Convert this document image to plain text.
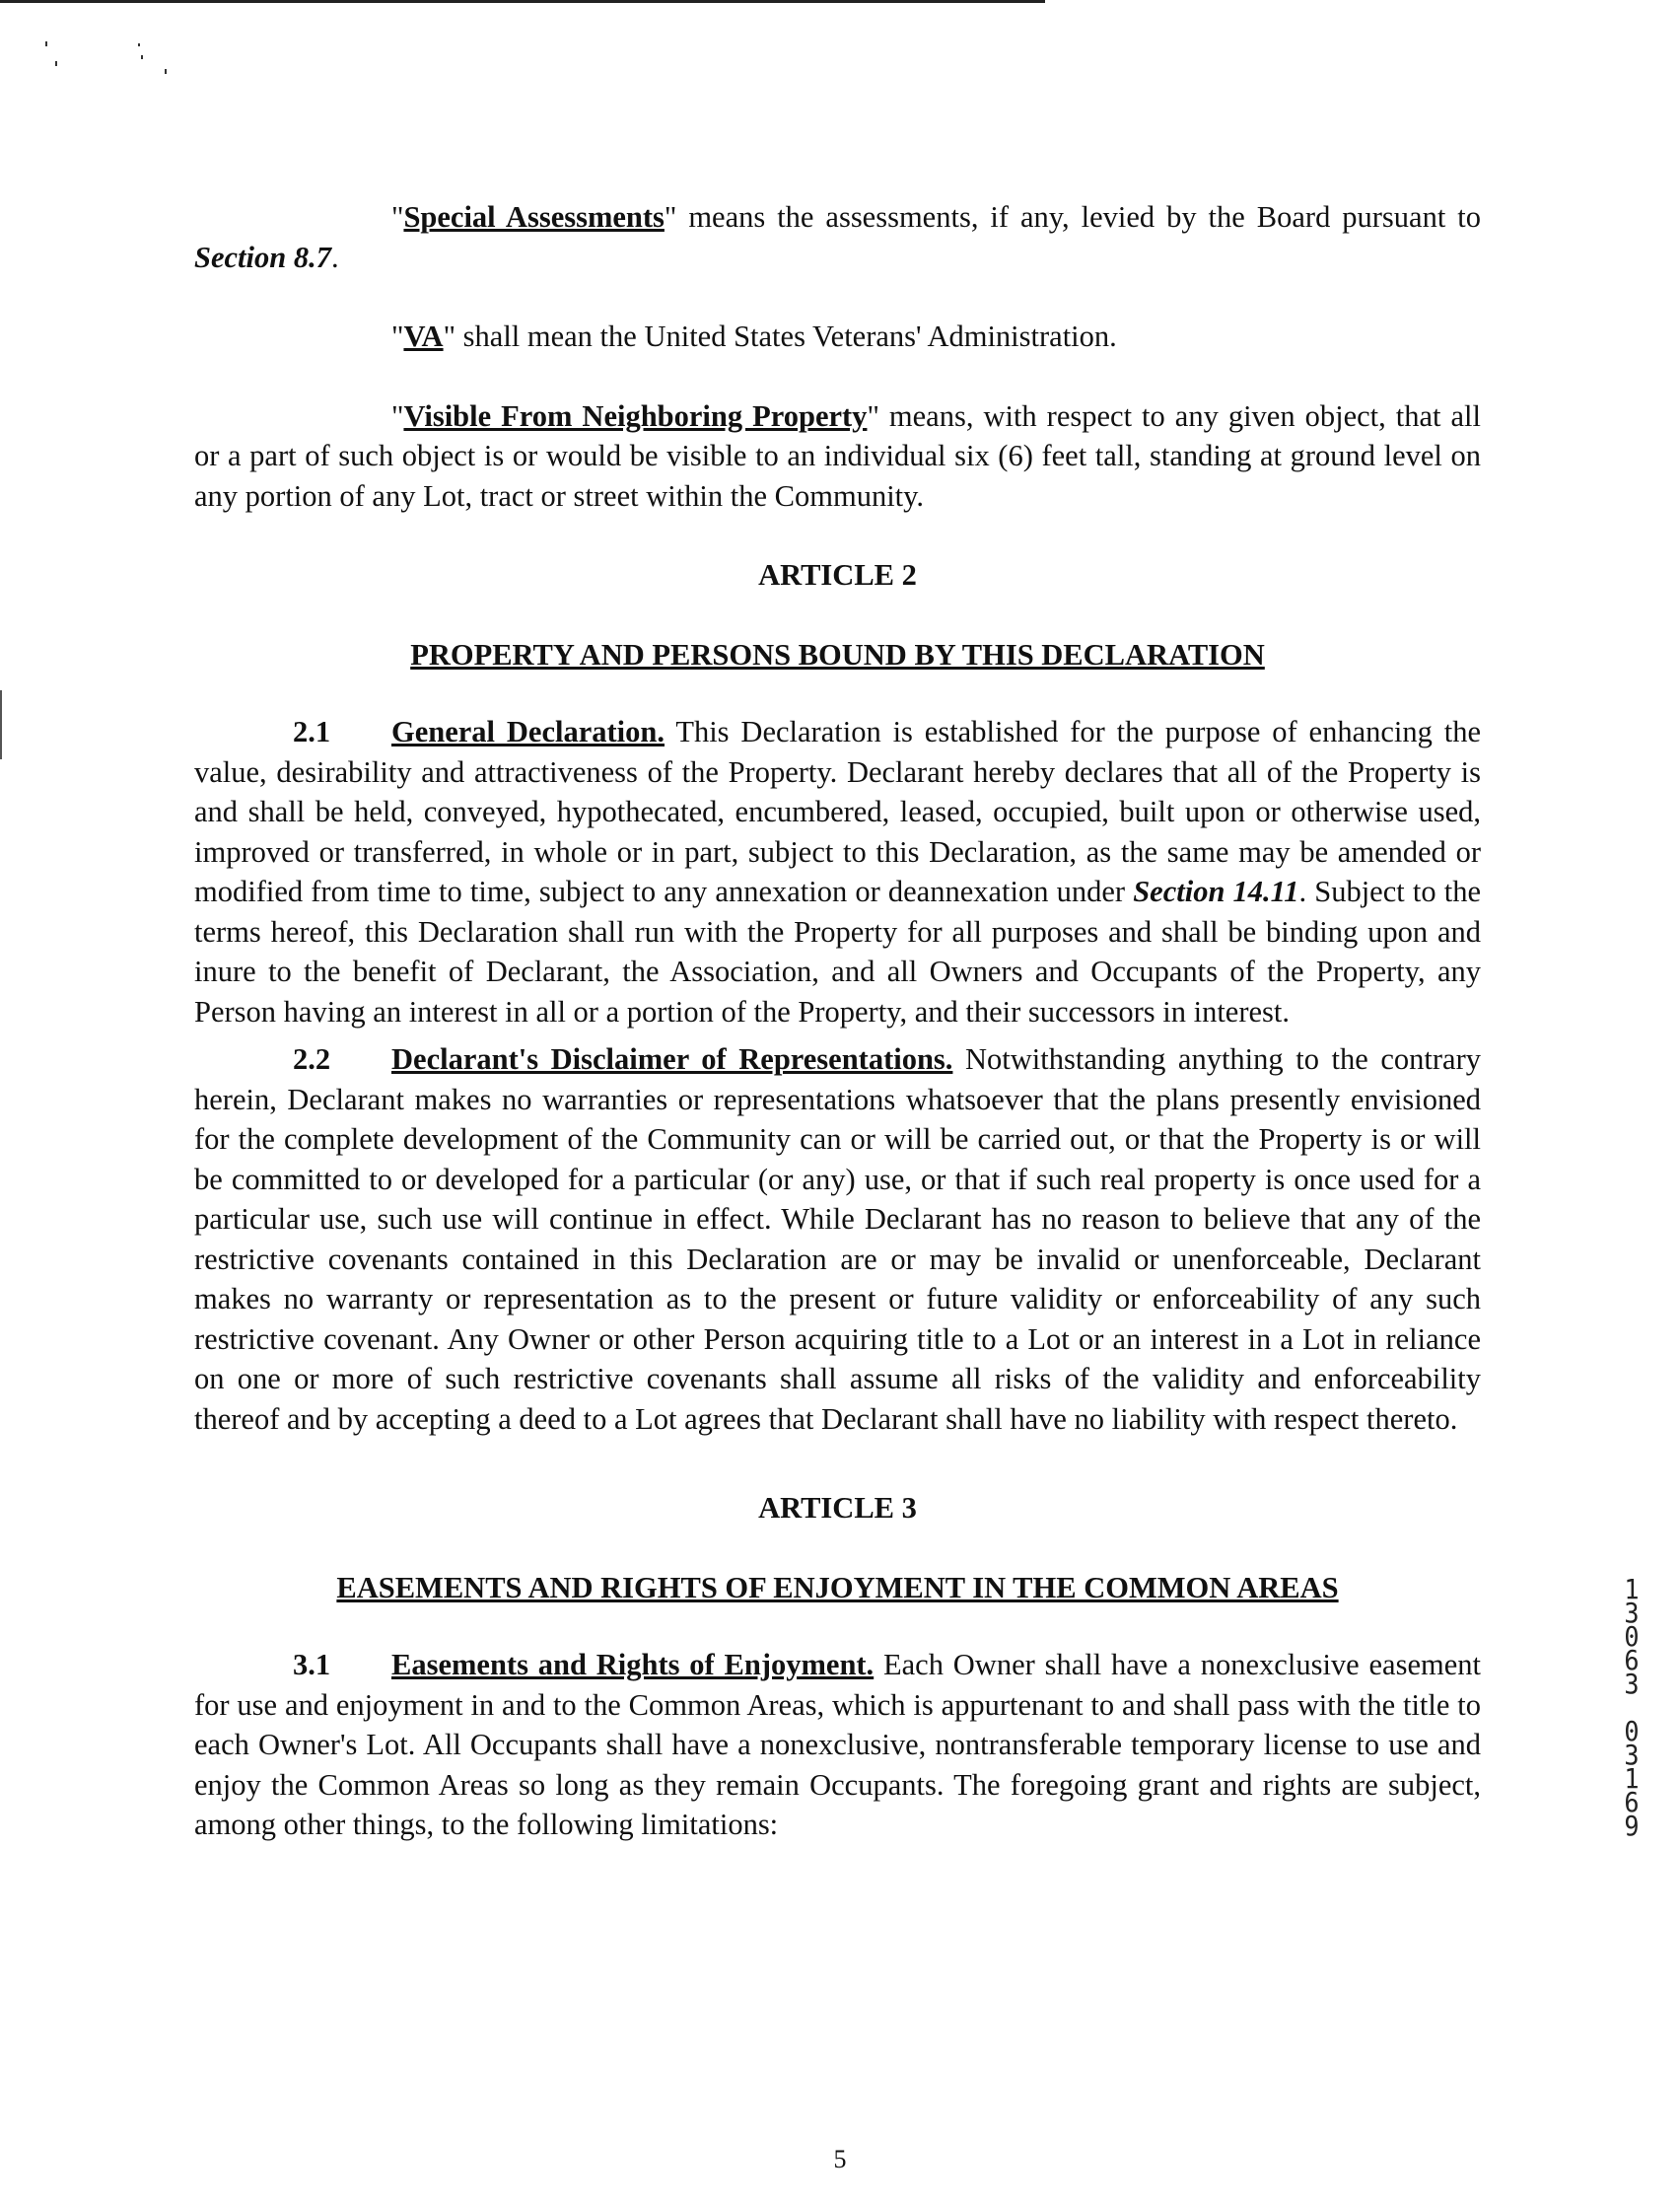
"Special Assessments" means the assessments, if any, levied by the Board pursuant to Section 8.7.

"VA" shall mean the United States Veterans' Administration.

"Visible From Neighboring Property" means, with respect to any given object, that all or a part of such object is or would be visible to an individual six (6) feet tall, standing at ground level on any portion of any Lot, tract or street within the Community.

ARTICLE 2
PROPERTY AND PERSONS BOUND BY THIS DECLARATION

2.1 General Declaration. This Declaration is established for the purpose of enhancing the value, desirability and attractiveness of the Property. Declarant hereby declares that all of the Property is and shall be held, conveyed, hypothecated, encumbered, leased, occupied, built upon or otherwise used, improved or transferred, in whole or in part, subject to this Declaration, as the same may be amended or modified from time to time, subject to any annexation or deannexation under Section 14.11. Subject to the terms hereof, this Declaration shall run with the Property for all purposes and shall be binding upon and inure to the benefit of Declarant, the Association, and all Owners and Occupants of the Property, any Person having an interest in all or a portion of the Property, and their successors in interest.

2.2 Declarant's Disclaimer of Representations. Notwithstanding anything to the contrary herein, Declarant makes no warranties or representations whatsoever that the plans presently envisioned for the complete development of the Community can or will be carried out, or that the Property is or will be committed to or developed for a particular (or any) use, or that if such real property is once used for a particular use, such use will continue in effect. While Declarant has no reason to believe that any of the restrictive covenants contained in this Declaration are or may be invalid or unenforceable, Declarant makes no warranty or representation as to the present or future validity or enforceability of any such restrictive covenant. Any Owner or other Person acquiring title to a Lot or an interest in a Lot in reliance on one or more of such restrictive covenants shall assume all risks of the validity and enforceability thereof and by accepting a deed to a Lot agrees that Declarant shall have no liability with respect thereto.

ARTICLE 3
EASEMENTS AND RIGHTS OF ENJOYMENT IN THE COMMON AREAS

3.1 Easements and Rights of Enjoyment. Each Owner shall have a nonexclusive easement for use and enjoyment in and to the Common Areas, which is appurtenant to and shall pass with the title to each Owner's Lot. All Occupants shall have a nonexclusive, nontransferable temporary license to use and enjoy the Common Areas so long as they remain Occupants. The foregoing grant and rights are subject, among other things, to the following limitations:

5
1
3
0
6
3
0
3
1
6
9
